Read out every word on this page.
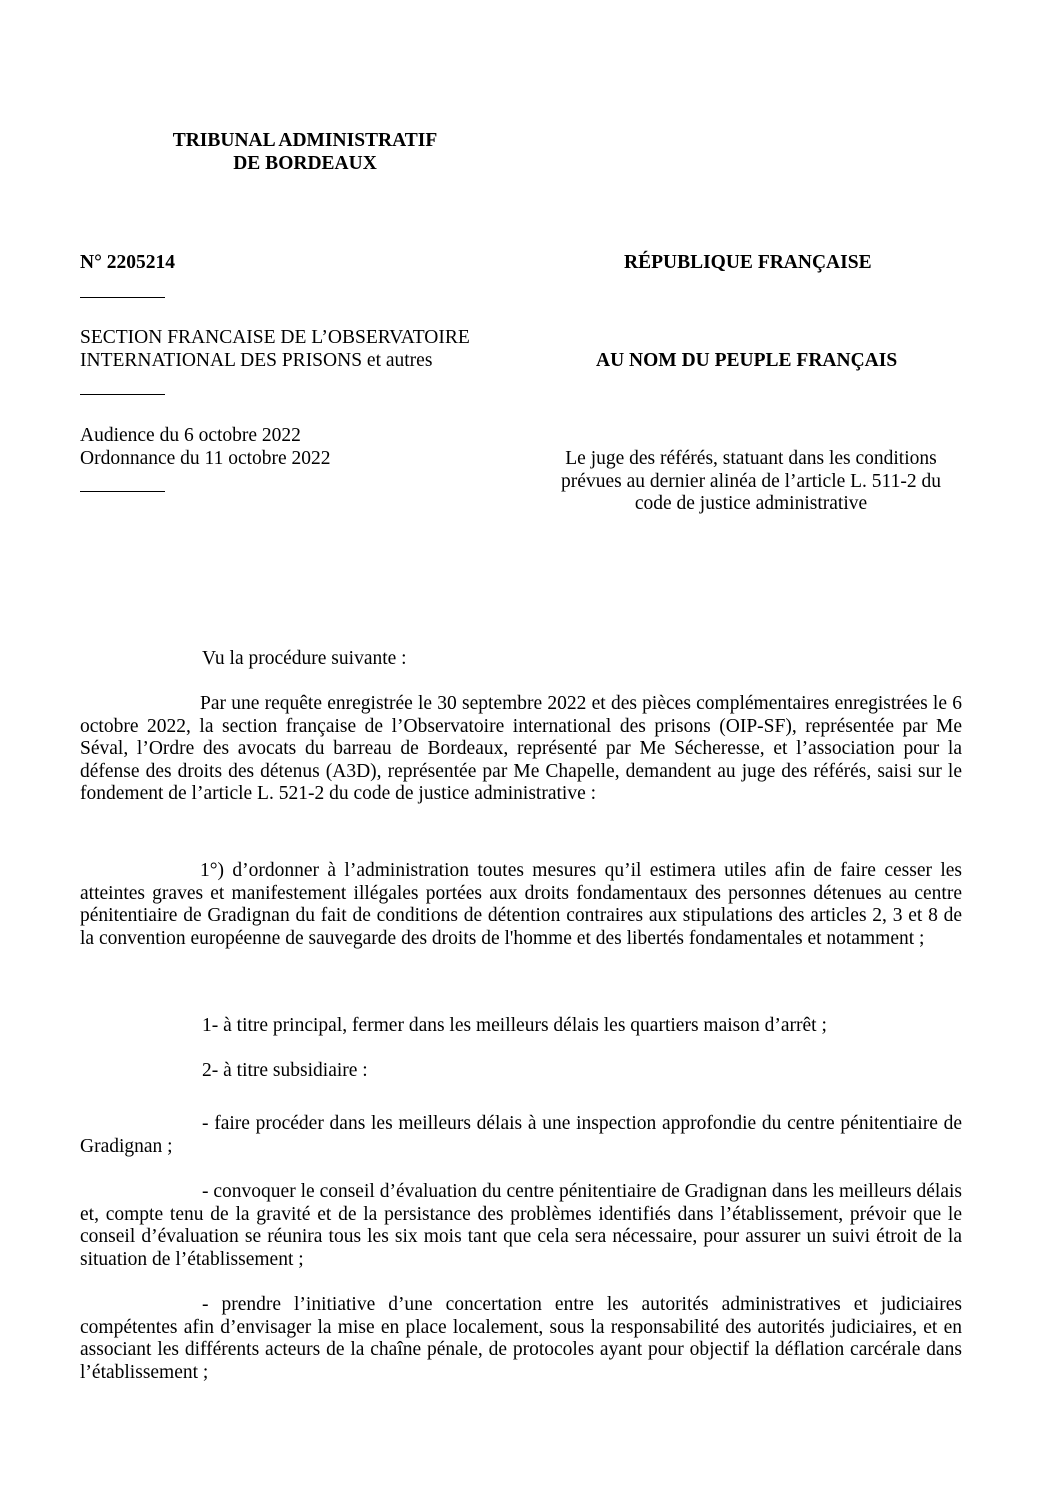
TRIBUNAL ADMINISTRATIF
DE BORDEAUX
N° 2205214	RÉPUBLIQUE FRANÇAISE
SECTION FRANCAISE DE L’OBSERVATOIRE
INTERNATIONAL DES PRISONS et autres	AU NOM DU PEUPLE FRANÇAIS
Audience du 6 octobre 2022
Ordonnance du 11 octobre 2022	Le juge des référés, statuant dans les conditions
prévues au dernier alinéa de l’article L. 511-2 du
code de justice administrative
Vu la procédure suivante :
Par une requête enregistrée le 30 septembre 2022 et des pièces complémentaires enregistrées le 6 octobre 2022, la section française de l’Observatoire international des prisons (OIP-SF), représentée par Me Séval, l’Ordre des avocats du barreau de Bordeaux, représenté par Me Sécheresse, et l’association pour la défense des droits des détenus (A3D), représentée par Me Chapelle, demandent au juge des référés, saisi sur le fondement de l’article L. 521-2 du code de justice administrative :
1°) d’ordonner à l’administration toutes mesures qu’il estimera utiles afin de faire cesser les atteintes graves et manifestement illégales portées aux droits fondamentaux des personnes détenues au centre pénitentiaire de Gradignan du fait de conditions de détention contraires aux stipulations des articles 2, 3 et 8 de la convention européenne de sauvegarde des droits de l'homme et des libertés fondamentales et notamment ;
1- à titre principal, fermer dans les meilleurs délais les quartiers maison d’arrêt ;
2- à titre subsidiaire :
- faire procéder dans les meilleurs délais à une inspection approfondie du centre pénitentiaire de Gradignan ;
- convoquer le conseil d’évaluation du centre pénitentiaire de Gradignan dans les meilleurs délais et, compte tenu de la gravité et de la persistance des problèmes identifiés dans l’établissement, prévoir que le conseil d’évaluation se réunira tous les six mois tant que cela sera nécessaire, pour assurer un suivi étroit de la situation de l’établissement ;
- prendre l’initiative d’une concertation entre les autorités administratives et judiciaires compétentes afin d’envisager la mise en place localement, sous la responsabilité des autorités judiciaires, et en associant les différents acteurs de la chaîne pénale, de protocoles ayant pour objectif la déflation carcérale dans l’établissement ;
